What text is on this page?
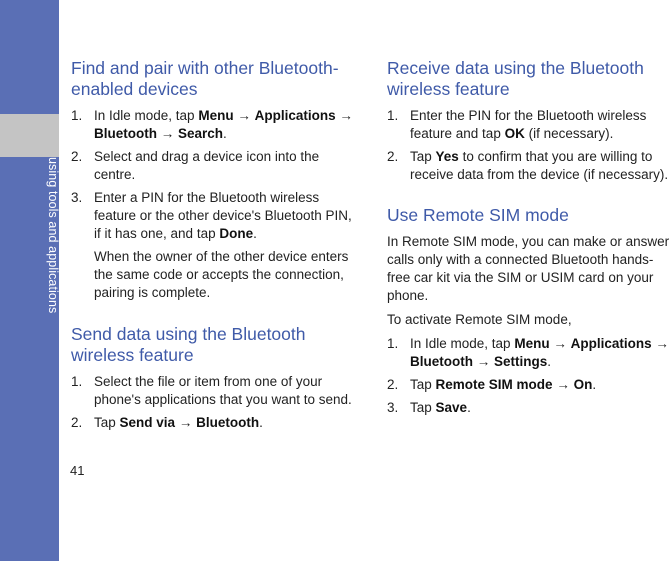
using tools and applications
Find and pair with other Bluetooth-enabled devices
1. In Idle mode, tap Menu → Applications → Bluetooth → Search.
2. Select and drag a device icon into the centre.
3. Enter a PIN for the Bluetooth wireless feature or the other device's Bluetooth PIN, if it has one, and tap Done.
When the owner of the other device enters the same code or accepts the connection, pairing is complete.
Send data using the Bluetooth wireless feature
1. Select the file or item from one of your phone's applications that you want to send.
2. Tap Send via → Bluetooth.
Receive data using the Bluetooth wireless feature
1. Enter the PIN for the Bluetooth wireless feature and tap OK (if necessary).
2. Tap Yes to confirm that you are willing to receive data from the device (if necessary).
Use Remote SIM mode

In Remote SIM mode, you can make or answer calls only with a connected Bluetooth hands-free car kit via the SIM or USIM card on your phone.

To activate Remote SIM mode,

1. In Idle mode, tap Menu → Applications → Bluetooth → Settings.
2. Tap Remote SIM mode → On.
3. Tap Save.
41
